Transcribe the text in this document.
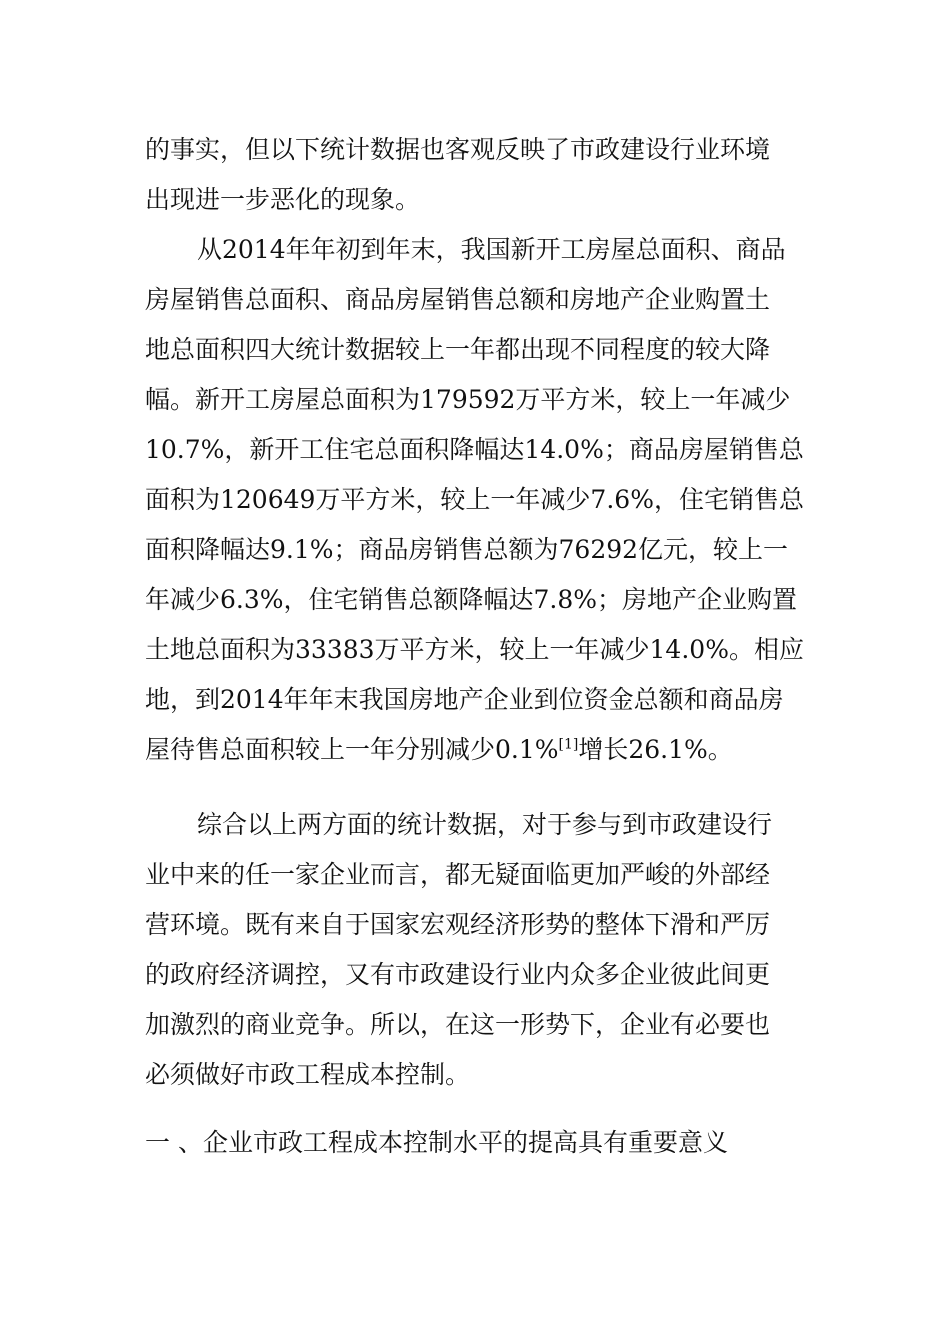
的事实，但以下统计数据也客观反映了市政建设行业环境
出现进一步恶化的现象。
从2014年年初到年末，我国新开工房屋总面积、商品
房屋销售总面积、商品房屋销售总额和房地产企业购置土
地总面积四大统计数据较上一年都出现不同程度的较大降
幅。新开工房屋总面积为179592万平方米，较上一年减少
10.7%，新开工住宅总面积降幅达14.0%；商品房屋销售总
面积为120649万平方米，较上一年减少7.6%，住宅销售总
面积降幅达9.1%；商品房销售总额为76292亿元，较上一
年减少6.3%，住宅销售总额降幅达7.8%；房地产企业购置
土地总面积为33383万平方米，较上一年减少14.0%。相应
地，到2014年年末我国房地产企业到位资金总额和商品房
屋待售总面积较上一年分别减少0.1%[1]增长26.1%。
综合以上两方面的统计数据，对于参与到市政建设行
业中来的任一家企业而言，都无疑面临更加严峻的外部经
营环境。既有来自于国家宏观经济形势的整体下滑和严厉
的政府经济调控，又有市政建设行业内众多企业彼此间更
加激烈的商业竞争。所以，在这一形势下，企业有必要也
必须做好市政工程成本控制。
一 、企业市政工程成本控制水平的提高具有重要意义
